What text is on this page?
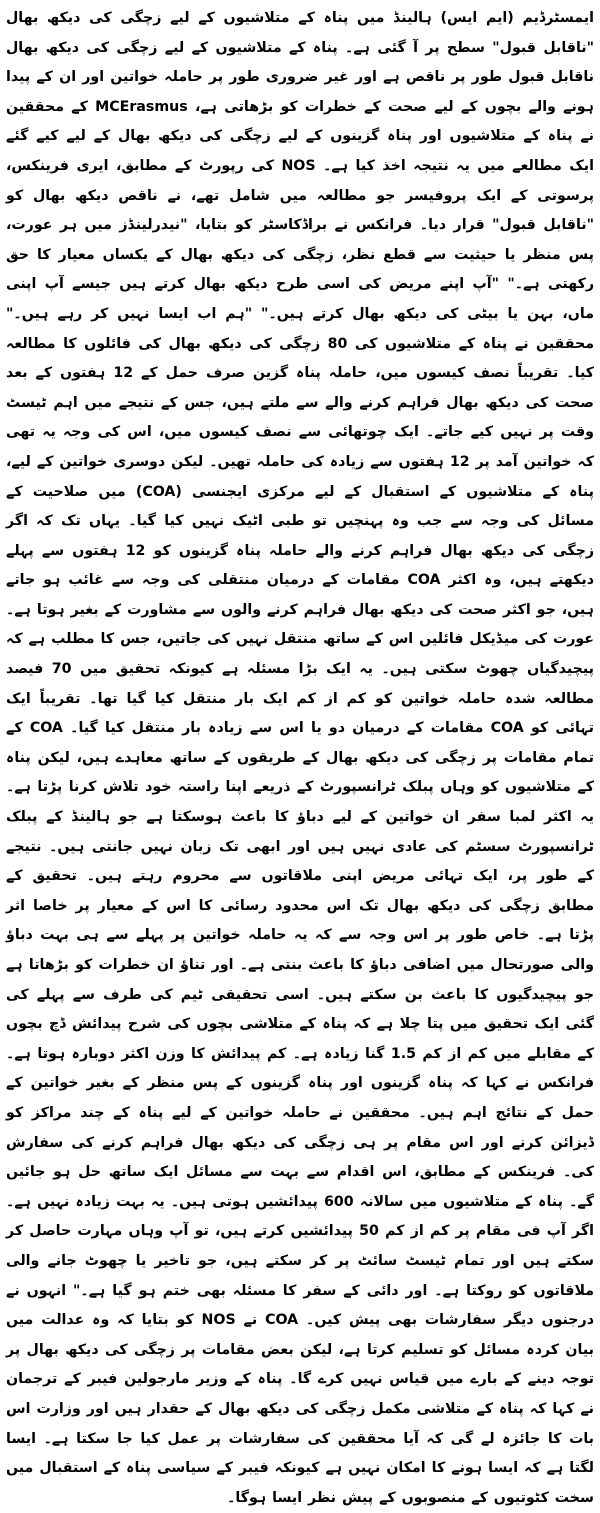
ایمسٹرڈیم (ایم ایس) ہالینڈ میں پناہ کے متلاشیوں کے لیے زچگی کی دیکھ بھال "ناقابل قبول" سطح پر آ گئی ہے۔ پناہ کے متلاشیوں کے لیے زچگی کی دیکھ بھال ناقابل قبول طور پر ناقص ہے اور غیر ضروری طور پر حاملہ خواتین اور ان کے پیدا ہونے والے بچوں کے لیے صحت کے خطرات کو بڑھاتی ہے، MCErasmus کے محققین نے پناہ کے متلاشیوں اور پناہ گزینوں کے لیے زچگی کی دیکھ بھال کے لیے کیے گئے ایک مطالعے میں یہ نتیجہ اخذ کیا ہے۔ NOS کی رپورٹ کے مطابق، ایری فرینکس، پرسوتی کے ایک پروفیسر جو مطالعہ میں شامل تھے، نے ناقص دیکھ بھال کو "ناقابل قبول" قرار دیا۔ فرانکس نے براڈکاسٹر کو بتایا، "نیدرلینڈز میں ہر عورت، پس منظر یا حیثیت سے قطع نظر، زچگی کی دیکھ بھال کے یکساں معیار کا حق رکھتی ہے۔" "آپ اپنے مریض کی اسی طرح دیکھ بھال کرتے ہیں جیسے آپ اپنی ماں، بہن یا بیٹی کی دیکھ بھال کرتے ہیں۔" "ہم اب ایسا نہیں کر رہے ہیں۔" محققین نے پناہ کے متلاشیوں کی 80 زچگی کی دیکھ بھال کی فائلوں کا مطالعہ کیا۔ تقریباً نصف کیسوں میں، حاملہ پناہ گزین صرف حمل کے 12 ہفتوں کے بعد صحت کی دیکھ بھال فراہم کرنے والے سے ملتے ہیں، جس کے نتیجے میں اہم ٹیسٹ وقت پر نہیں کیے جاتے۔ ایک چوتھائی سے نصف کیسوں میں، اس کی وجہ یہ تھی کہ خواتین آمد پر 12 ہفتوں سے زیادہ کی حاملہ تھیں۔ لیکن دوسری خواتین کے لیے، پناہ کے متلاشیوں کے استقبال کے لیے مرکزی ایجنسی (COA) میں صلاحیت کے مسائل کی وجہ سے جب وہ پہنچیں تو طبی اٹیک نہیں کیا گیا۔ یہاں تک کہ اگر زچگی کی دیکھ بھال فراہم کرنے والے حاملہ پناہ گزینوں کو 12 ہفتوں سے پہلے دیکھتے ہیں، وہ اکثر COA مقامات کے درمیان منتقلی کی وجہ سے غائب ہو جاتے ہیں، جو اکثر صحت کی دیکھ بھال فراہم کرنے والوں سے مشاورت کے بغیر ہوتا ہے۔ عورت کی میڈیکل فائلیں اس کے ساتھ منتقل نہیں کی جاتیں، جس کا مطلب ہے کہ پیچیدگیاں چھوٹ سکتی ہیں۔ یہ ایک بڑا مسئلہ ہے کیونکہ تحقیق میں 70 فیصد مطالعہ شدہ حاملہ خواتین کو کم از کم ایک بار منتقل کیا گیا تھا۔ تقریباً ایک تہائی کو COA مقامات کے درمیان دو یا اس سے زیادہ بار منتقل کیا گیا۔ COA کے تمام مقامات پر زچگی کی دیکھ بھال کے طریقوں کے ساتھ معاہدے ہیں، لیکن پناہ کے متلاشیوں کو وہاں پبلک ٹرانسپورٹ کے ذریعے اپنا راستہ خود تلاش کرنا پڑتا ہے۔ یہ اکثر لمبا سفر ان خواتین کے لیے دباؤ کا باعث ہوسکتا ہے جو ہالینڈ کے پبلک ٹرانسپورٹ سسٹم کی عادی نہیں ہیں اور ابھی تک زبان نہیں جانتی ہیں۔ نتیجے کے طور پر، ایک تہائی مریض اپنی ملاقاتوں سے محروم رہتے ہیں۔ تحقیق کے مطابق زچگی کی دیکھ بھال تک اس محدود رسائی کا اس کے معیار پر خاصا اثر پڑتا ہے۔ خاص طور پر اس وجہ سے کہ یہ حاملہ خواتین پر پہلے سے ہی بہت دباؤ والی صورتحال میں اضافی دباؤ کا باعث بنتی ہے۔ اور تناؤ ان خطرات کو بڑھاتا ہے جو پیچیدگیوں کا باعث بن سکتے ہیں۔ اسی تحقیقی ٹیم کی طرف سے پہلے کی گئی ایک تحقیق میں پتا چلا ہے کہ پناہ کے متلاشی بچوں کی شرح پیدائش ڈچ بچوں کے مقابلے میں کم از کم 1.5 گنا زیادہ ہے۔ کم پیدائش کا وزن اکثر دوبارہ ہوتا ہے۔ فرانکس نے کہا کہ پناہ گزینوں اور پناہ گزینوں کے پس منظر کے بغیر خواتین کے حمل کے نتائج اہم ہیں۔ محققین نے حاملہ خواتین کے لیے پناہ کے چند مراکز کو ڈیزائن کرنے اور اس مقام پر ہی زچگی کی دیکھ بھال فراہم کرنے کی سفارش کی۔ فرینکس کے مطابق، اس اقدام سے بہت سے مسائل ایک ساتھ حل ہو جائیں گے۔ پناہ کے متلاشیوں میں سالانہ 600 پیدائشیں ہوتی ہیں۔ یہ بہت زیادہ نہیں ہے۔ اگر آپ فی مقام پر کم از کم 50 پیدائشیں کرتے ہیں، تو آپ وہاں مہارت حاصل کر سکتے ہیں اور تمام ٹیسٹ سائٹ پر کر سکتے ہیں، جو تاخیر یا چھوٹ جانے والی ملاقاتوں کو روکتا ہے۔ اور دائی کے سفر کا مسئلہ بھی ختم ہو گیا ہے۔" انہوں نے درجنوں دیگر سفارشات بھی پیش کیں۔ COA نے NOS کو بتایا کہ وہ عدالت میں بیان کردہ مسائل کو تسلیم کرتا ہے، لیکن بعض مقامات پر زچگی کی دیکھ بھال پر توجہ دینے کے بارے میں قیاس نہیں کرے گا۔ پناہ کے وزیر مارجولین فیبر کے ترجمان نے کہا کہ پناہ کے متلاشی مکمل زچگی کی دیکھ بھال کے حقدار ہیں اور وزارت اس بات کا جائزہ لے گی کہ آیا محققین کی سفارشات پر عمل کیا جا سکتا ہے۔ ایسا لگتا ہے کہ ایسا ہونے کا امکان نہیں ہے کیونکہ فیبر کے سیاسی پناہ کے استقبال میں سخت کٹوتیوں کے منصوبوں کے پیش نظر ایسا ہوگا۔
